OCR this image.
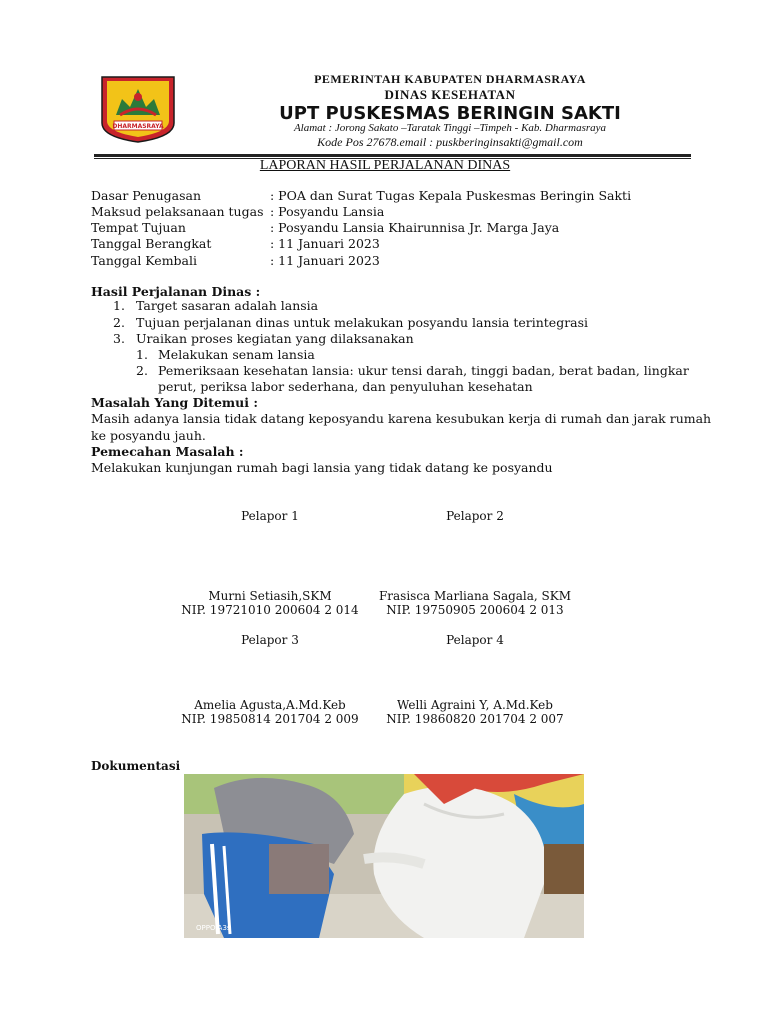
DHARMASRAYA
PEMERINTAH KABUPATEN DHARMASRAYA
DINAS KESEHATAN
UPT PUSKESMAS BERINGIN SAKTI
Alamat : Jorong Sakato –Taratak Tinggi –Timpeh - Kab. Dharmasraya
Kode Pos 27678.email : puskberinginsakti@gmail.com
LAPORAN HASIL PERJALANAN DINAS
Dasar Penugasan	: POA dan Surat Tugas Kepala Puskesmas Beringin Sakti
Maksud pelaksanaan tugas : Posyandu Lansia
Tempat Tujuan	: Posyandu Lansia Khairunnisa Jr. Marga Jaya
Tanggal Berangkat	: 11 Januari 2023
Tanggal Kembali	: 11 Januari 2023
Hasil Perjalanan Dinas :
1. Target sasaran adalah lansia
2. Tujuan perjalanan dinas untuk melakukan posyandu lansia terintegrasi
3. Uraikan proses kegiatan yang dilaksanakan
1. Melakukan senam lansia
2. Pemeriksaan kesehatan lansia: ukur tensi darah, tinggi badan, berat badan, lingkar
perut, periksa labor sederhana, dan penyuluhan kesehatan
Masalah Yang Ditemui :
Masih adanya lansia tidak datang keposyandu karena kesubukan kerja di rumah dan jarak rumah
ke posyandu jauh.
Pemecahan Masalah :
Melakukan kunjungan rumah bagi lansia yang tidak datang ke posyandu
Pelapor 1	Pelapor 2
Murni Setiasih,SKM	Frasisca Marliana Sagala, SKM
NIP. 19721010 200604 2 014	NIP. 19750905 200604 2 013
Pelapor 3	Pelapor 4
Amelia Agusta,A.Md.Keb	Welli Agraini Y, A.Md.Keb
NIP. 19850814 201704 2 009	NIP. 19860820 201704 2 007
Dokumentasi
OPPO A3s
